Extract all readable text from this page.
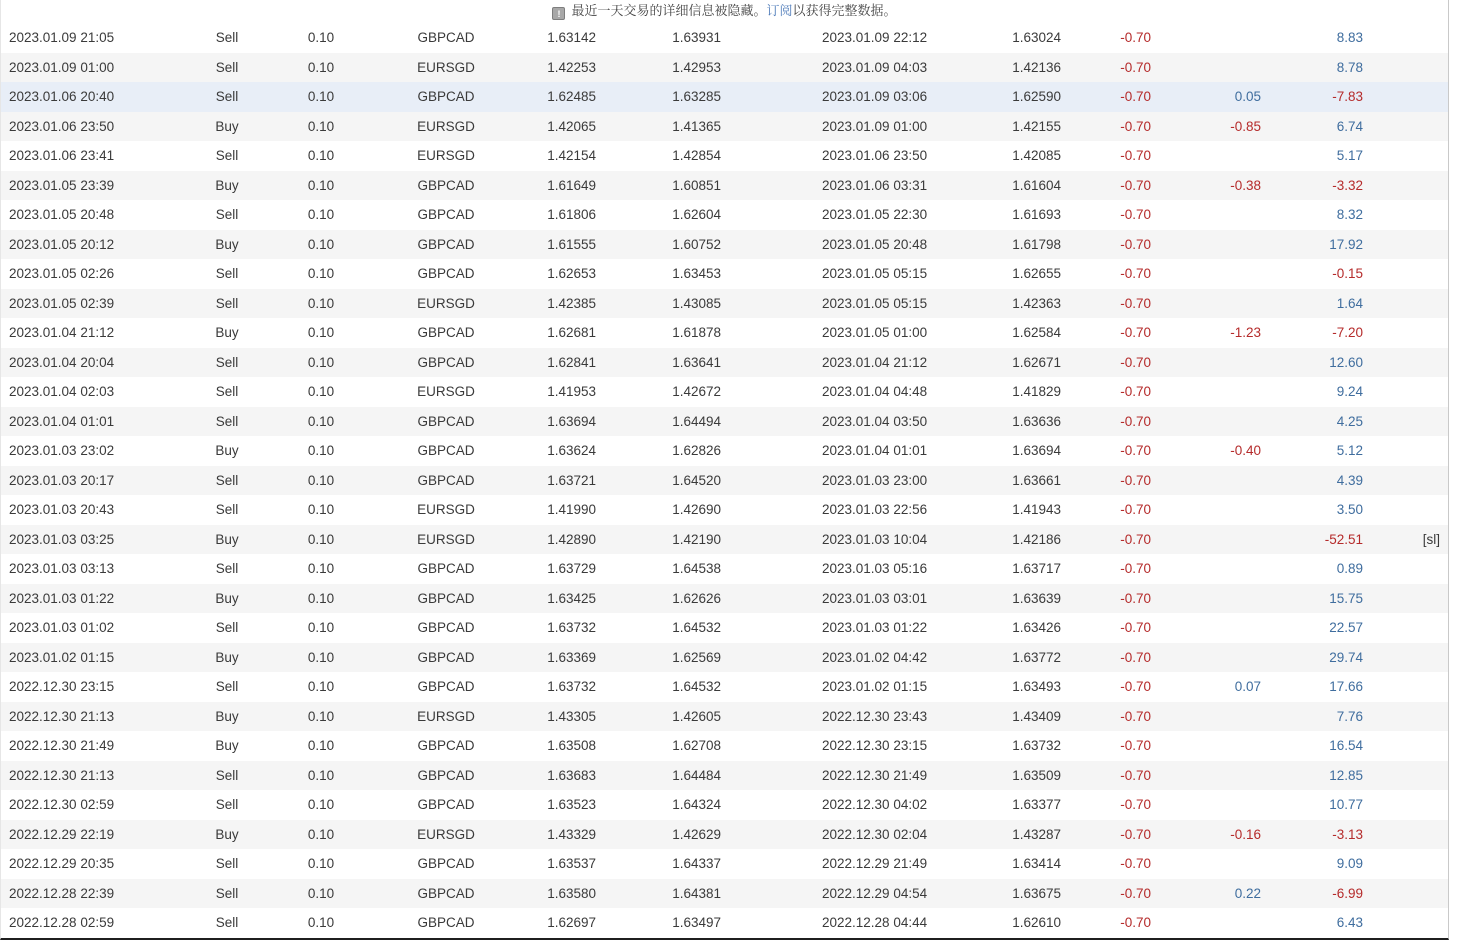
! 最近一天交易的详细信息被隐藏。订阅以获得完整数据。
2023.01.09 21:05	Sell	0.10	GBPCAD	1.63142	1.63931	2023.01.09 22:12	1.63024	-0.70		8.83	
2023.01.09 01:00	Sell	0.10	EURSGD	1.42253	1.42953	2023.01.09 04:03	1.42136	-0.70		8.78	
2023.01.06 20:40	Sell	0.10	GBPCAD	1.62485	1.63285	2023.01.09 03:06	1.62590	-0.70	0.05	-7.83	
2023.01.06 23:50	Buy	0.10	EURSGD	1.42065	1.41365	2023.01.09 01:00	1.42155	-0.70	-0.85	6.74	
2023.01.06 23:41	Sell	0.10	EURSGD	1.42154	1.42854	2023.01.06 23:50	1.42085	-0.70		5.17	
2023.01.05 23:39	Buy	0.10	GBPCAD	1.61649	1.60851	2023.01.06 03:31	1.61604	-0.70	-0.38	-3.32	
2023.01.05 20:48	Sell	0.10	GBPCAD	1.61806	1.62604	2023.01.05 22:30	1.61693	-0.70		8.32	
2023.01.05 20:12	Buy	0.10	GBPCAD	1.61555	1.60752	2023.01.05 20:48	1.61798	-0.70		17.92	
2023.01.05 02:26	Sell	0.10	GBPCAD	1.62653	1.63453	2023.01.05 05:15	1.62655	-0.70		-0.15	
2023.01.05 02:39	Sell	0.10	EURSGD	1.42385	1.43085	2023.01.05 05:15	1.42363	-0.70		1.64	
2023.01.04 21:12	Buy	0.10	GBPCAD	1.62681	1.61878	2023.01.05 01:00	1.62584	-0.70	-1.23	-7.20	
2023.01.04 20:04	Sell	0.10	GBPCAD	1.62841	1.63641	2023.01.04 21:12	1.62671	-0.70		12.60	
2023.01.04 02:03	Sell	0.10	EURSGD	1.41953	1.42672	2023.01.04 04:48	1.41829	-0.70		9.24	
2023.01.04 01:01	Sell	0.10	GBPCAD	1.63694	1.64494	2023.01.04 03:50	1.63636	-0.70		4.25	
2023.01.03 23:02	Buy	0.10	GBPCAD	1.63624	1.62826	2023.01.04 01:01	1.63694	-0.70	-0.40	5.12	
2023.01.03 20:17	Sell	0.10	GBPCAD	1.63721	1.64520	2023.01.03 23:00	1.63661	-0.70		4.39	
2023.01.03 20:43	Sell	0.10	EURSGD	1.41990	1.42690	2023.01.03 22:56	1.41943	-0.70		3.50	
2023.01.03 03:25	Buy	0.10	EURSGD	1.42890	1.42190	2023.01.03 10:04	1.42186	-0.70		-52.51	[sl]
2023.01.03 03:13	Sell	0.10	GBPCAD	1.63729	1.64538	2023.01.03 05:16	1.63717	-0.70		0.89	
2023.01.03 01:22	Buy	0.10	GBPCAD	1.63425	1.62626	2023.01.03 03:01	1.63639	-0.70		15.75	
2023.01.03 01:02	Sell	0.10	GBPCAD	1.63732	1.64532	2023.01.03 01:22	1.63426	-0.70		22.57	
2023.01.02 01:15	Buy	0.10	GBPCAD	1.63369	1.62569	2023.01.02 04:42	1.63772	-0.70		29.74	
2022.12.30 23:15	Sell	0.10	GBPCAD	1.63732	1.64532	2023.01.02 01:15	1.63493	-0.70	0.07	17.66	
2022.12.30 21:13	Buy	0.10	EURSGD	1.43305	1.42605	2022.12.30 23:43	1.43409	-0.70		7.76	
2022.12.30 21:49	Buy	0.10	GBPCAD	1.63508	1.62708	2022.12.30 23:15	1.63732	-0.70		16.54	
2022.12.30 21:13	Sell	0.10	GBPCAD	1.63683	1.64484	2022.12.30 21:49	1.63509	-0.70		12.85	
2022.12.30 02:59	Sell	0.10	GBPCAD	1.63523	1.64324	2022.12.30 04:02	1.63377	-0.70		10.77	
2022.12.29 22:19	Buy	0.10	EURSGD	1.43329	1.42629	2022.12.30 02:04	1.43287	-0.70	-0.16	-3.13	
2022.12.29 20:35	Sell	0.10	GBPCAD	1.63537	1.64337	2022.12.29 21:49	1.63414	-0.70		9.09	
2022.12.28 22:39	Sell	0.10	GBPCAD	1.63580	1.64381	2022.12.29 04:54	1.63675	-0.70	0.22	-6.99	
2022.12.28 02:59	Sell	0.10	GBPCAD	1.62697	1.63497	2022.12.28 04:44	1.62610	-0.70		6.43	
